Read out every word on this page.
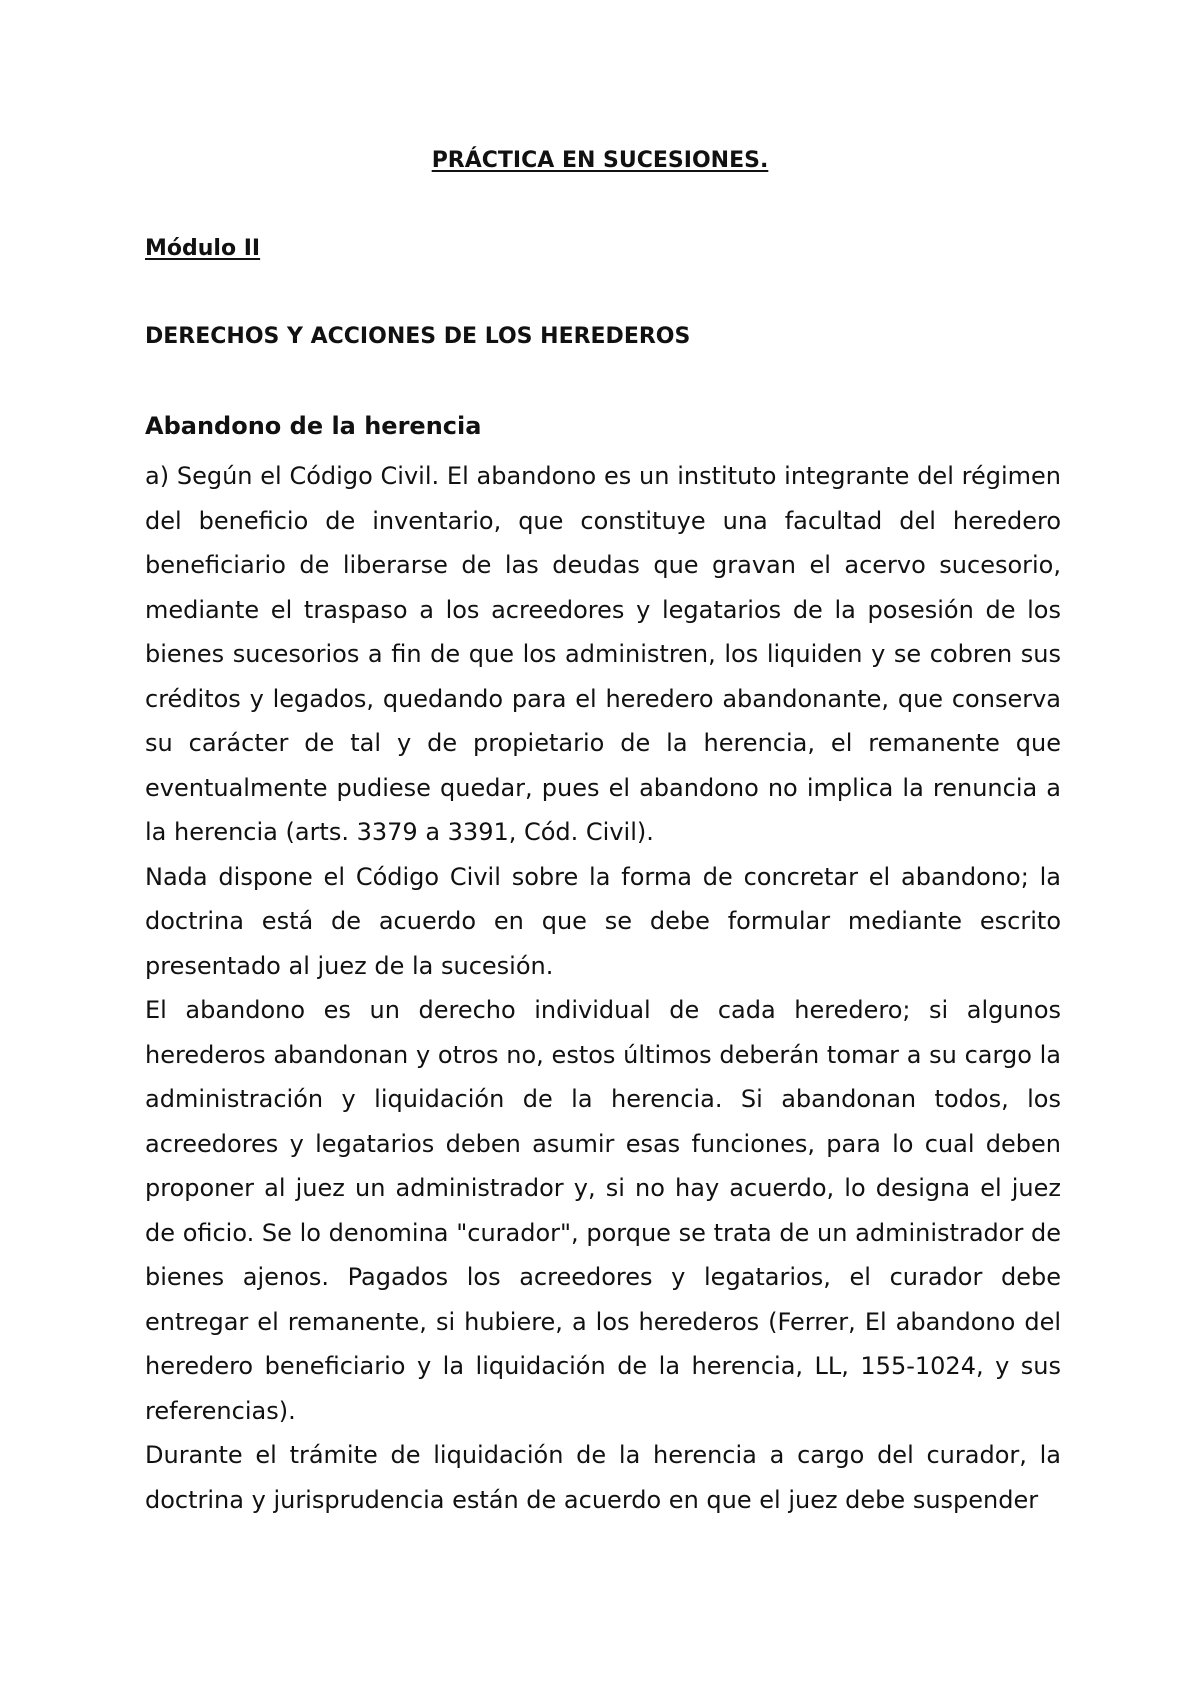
PRÁCTICA EN SUCESIONES.
Módulo II
DERECHOS Y ACCIONES DE LOS HEREDEROS
Abandono de la herencia

a) Según el Código Civil. El abandono es un instituto integrante del régimen del beneficio de inventario, que constituye una facultad del heredero beneficiario de liberarse de las deudas que gravan el acervo sucesorio, mediante el traspaso a los acreedores y legatarios de la posesión de los bienes sucesorios a fin de que los administren, los liquiden y se cobren sus créditos y legados, quedando para el heredero abandonante, que conserva su carácter de tal y de propietario de la herencia, el remanente que eventualmente pudiese quedar, pues el abandono no implica la renuncia a la herencia (arts. 3379 a 3391, Cód. Civil).

Nada dispone el Código Civil sobre la forma de concretar el abandono; la doctrina está de acuerdo en que se debe formular mediante escrito presentado al juez de la sucesión.

El abandono es un derecho individual de cada heredero; si algunos herederos abandonan y otros no, estos últimos deberán tomar a su cargo la administración y liquidación de la herencia. Si abandonan todos, los acreedores y legatarios deben asumir esas funciones, para lo cual deben proponer al juez un administrador y, si no hay acuerdo, lo designa el juez de oficio. Se lo denomina "curador", porque se trata de un administrador de bienes ajenos. Pagados los acreedores y legatarios, el curador debe entregar el remanente, si hubiere, a los herederos (Ferrer, El abandono del heredero beneficiario y la liquidación de la herencia, LL, 155-1024, y sus referencias).

Durante el trámite de liquidación de la herencia a cargo del curador, la doctrina y jurisprudencia están de acuerdo en que el juez debe suspender
